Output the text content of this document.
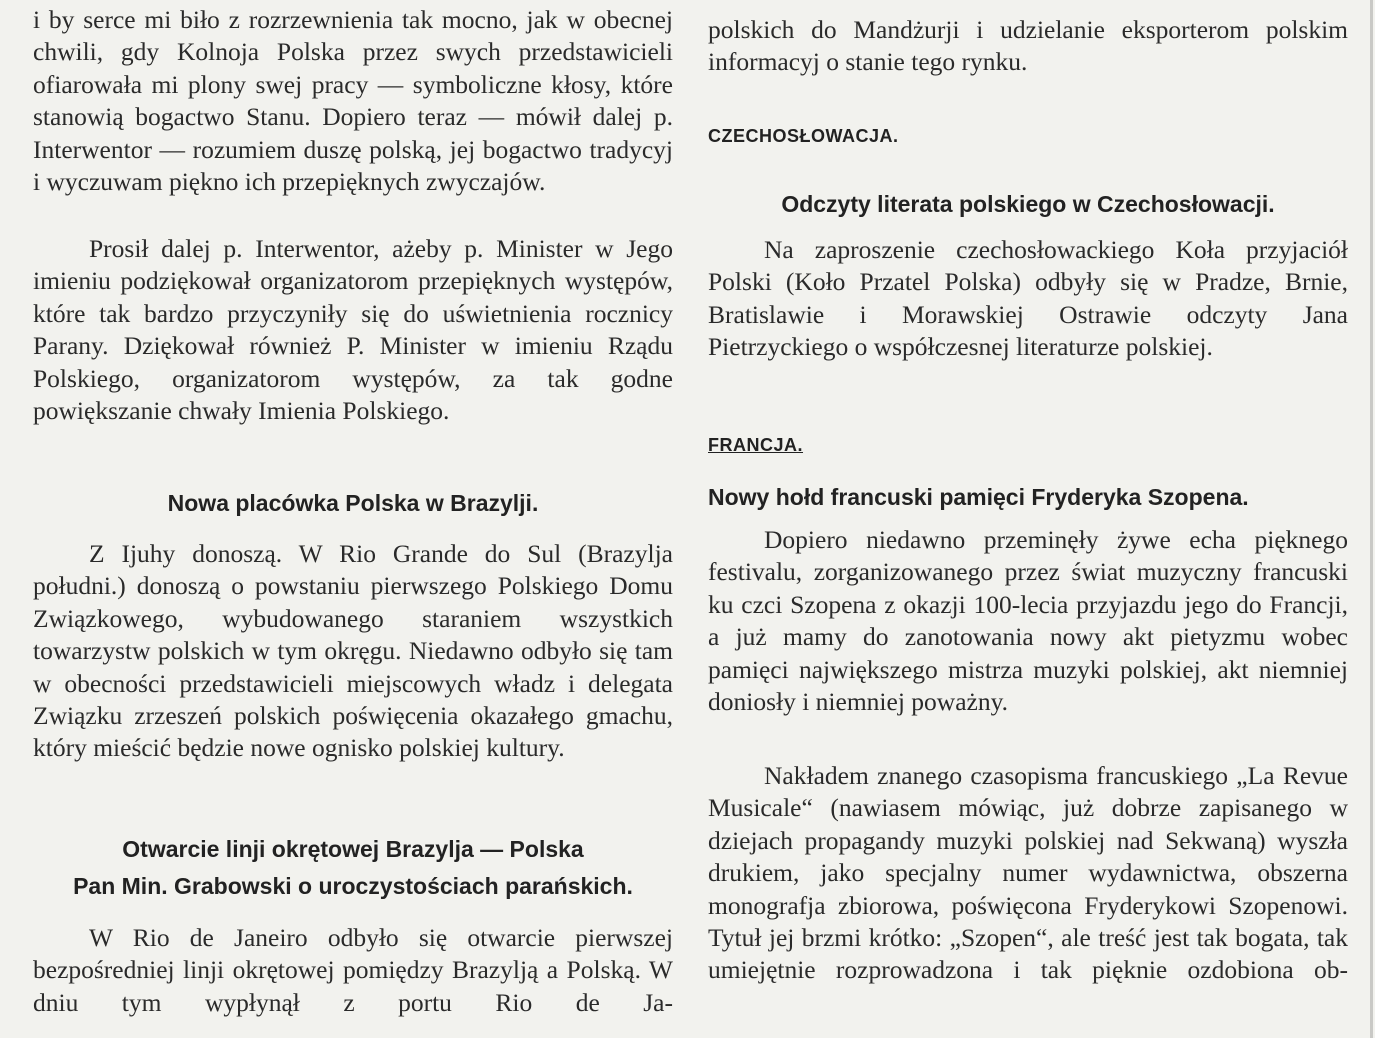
i by serce mi biło z rozrzewnienia tak mocno, jak w obecnej chwili, gdy Kolnoja Polska przez swych przedstawicieli ofiarowała mi plony swej pracy — symboliczne kłosy, które stanowią bogactwo Stanu. Dopiero teraz — mówił dalej p. Interwentor — rozumiem duszę polską, jej bogactwo tradycyj i wyczuwam piękno ich przepięknych zwyczajów.

Prosił dalej p. Interwentor, ażeby p. Minister w Jego imieniu podziękował organizatorom przepięknych występów, które tak bardzo przyczyniły się do uświetnienia rocznicy Parany. Dziękował również P. Minister w imieniu Rządu Polskiego, organizatorom występów, za tak godne powiększanie chwały Imienia Polskiego.

Nowa placówka Polska w Brazylji.

Z Ijuhy donoszą. W Rio Grande do Sul (Brazylja południ.) donoszą o powstaniu pierwszego Polskiego Domu Związkowego, wybudowanego staraniem wszystkich towarzystw polskich w tym okręgu. Niedawno odbyło się tam w obecności przedstawicieli miejscowych władz i delegata Związku zrzeszeń polskich poświęcenia okazałego gmachu, który mieścić będzie nowe ognisko polskiej kultury.

Otwarcie linji okrętowej Brazylja — Polska
Pan Min. Grabowski o uroczystościach parańskich.

W Rio de Janeiro odbyło się otwarcie pierwszej bezpośredniej linji okrętowej pomiędzy Brazylją a Polską. W dniu tym wypłynął z portu Rio de Ja-

polskich do Mandżurji i udzielanie eksporterom polskim informacyj o stanie tego rynku.

CZECHOSŁOWACJA.
Odczyty literata polskiego w Czechosłowacji.

Na zaproszenie czechosłowackiego Koła przyjaciół Polski (Koło Przatel Polska) odbyły się w Pradze, Brnie, Bratislawie i Morawskiej Ostrawie odczyty Jana Pietrzyckiego o współczesnej literaturze polskiej.

FRANCJA.
Nowy hołd francuski pamięci Fryderyka Szopena.

Dopiero niedawno przeminęły żywe echa pięknego festivalu, zorganizowanego przez świat muzyczny francuski ku czci Szopena z okazji 100-lecia przyjazdu jego do Francji, a już mamy do zanotowania nowy akt pietyzmu wobec pamięci największego mistrza muzyki polskiej, akt niemniej doniosły i niemniej poważny.

Nakładem znanego czasopisma francuskiego „La Revue Musicale“ (nawiasem mówiąc, już dobrze zapisanego w dziejach propagandy muzyki polskiej nad Sekwaną) wyszła drukiem, jako specjalny numer wydawnictwa, obszerna monografja zbiorowa, poświęcona Fryderykowi Szopenowi. Tytuł jej brzmi krótko: „Szopen“, ale treść jest tak bogata, tak umiejętnie rozprowadzona i tak pięknie ozdobiona ob-
